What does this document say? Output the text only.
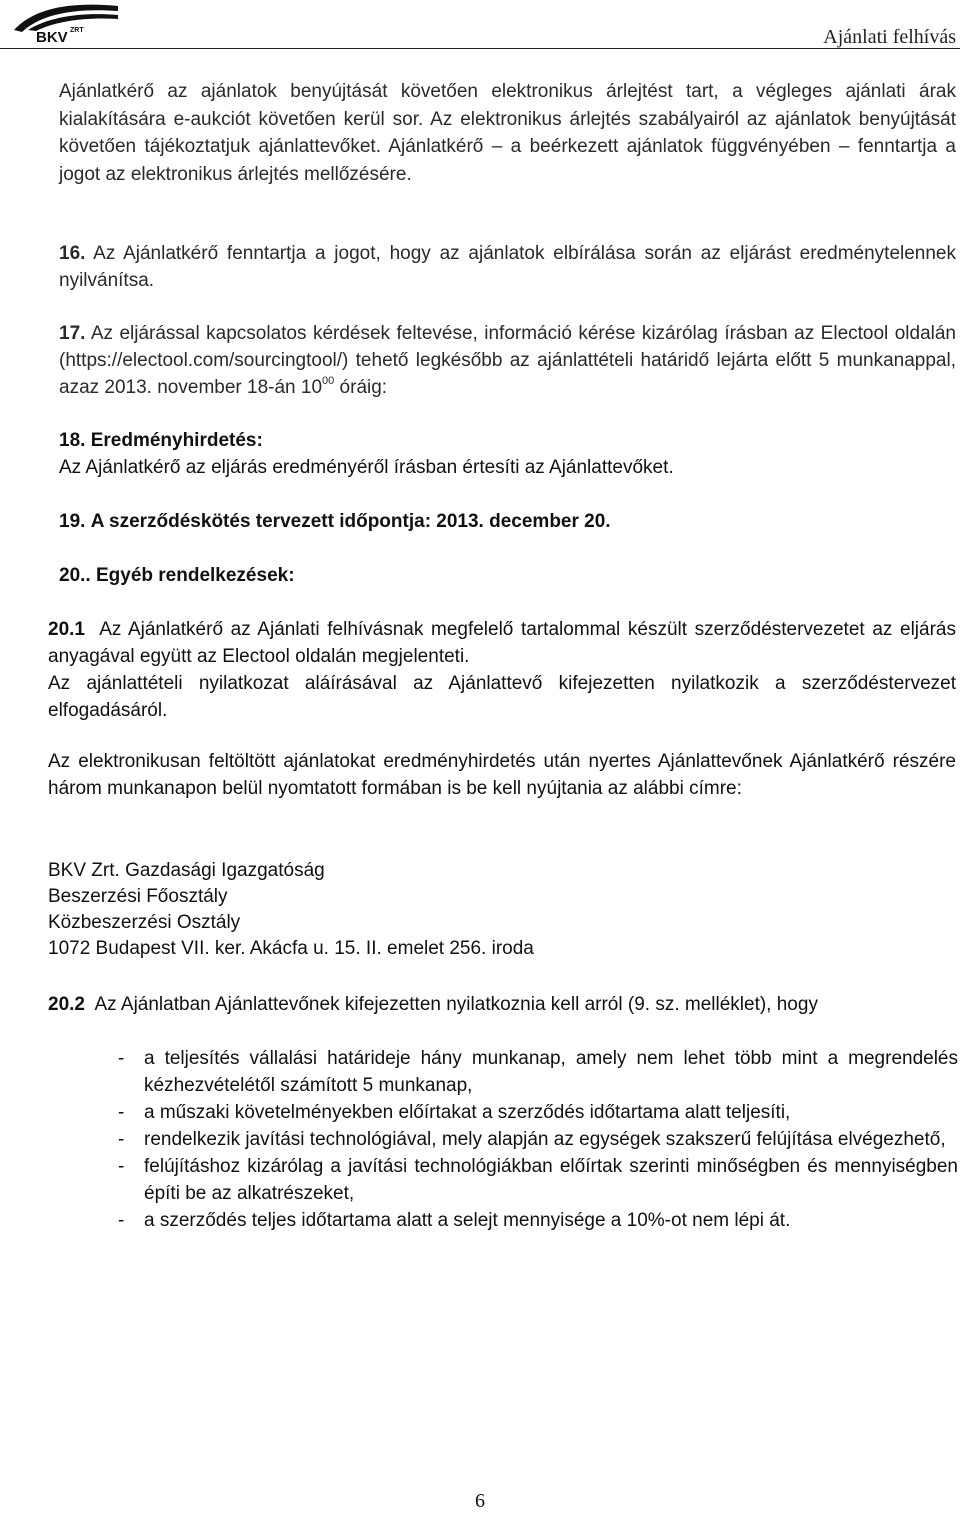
BKV ZRT	Ajánlati felhívás

Ajánlatkérő az ajánlatok benyújtását követően elektronikus árlejtést tart, a végleges ajánlati árak kialakítására e-aukciót követően kerül sor. Az elektronikus árlejtés szabályairól az ajánlatok benyújtását követően tájékoztatjuk ajánlattevőket. Ajánlatkérő – a beérkezett ajánlatok függvényében – fenntartja a jogot az elektronikus árlejtés mellőzésére.

16. Az Ajánlatkérő fenntartja a jogot, hogy az ajánlatok elbírálása során az eljárást eredménytelennek nyilvánítsa.

17. Az eljárással kapcsolatos kérdések feltevése, információ kérése kizárólag írásban az Electool oldalán (https://electool.com/sourcingtool/) tehető legkésőbb az ajánlattételi határidő lejárta előtt 5 munkanappal, azaz 2013. november 18-án $10^{00}$ óráig:

18. Eredményhirdetés:
Az Ajánlatkérő az eljárás eredményéről írásban értesíti az Ajánlattevőket.

19. A szerződéskötés tervezett időpontja: 2013. december 20.

20.. Egyéb rendelkezések:

20.1 Az Ajánlatkérő az Ajánlati felhívásnak megfelelő tartalommal készült szerződéstervezetet az eljárás anyagával együtt az Electool oldalán megjelenteti.
Az ajánlattételi nyilatkozat aláírásával az Ajánlattevő kifejezetten nyilatkozik a szerződéstervezet elfogadásáról.

Az elektronikusan feltöltött ajánlatokat eredményhirdetés után nyertes Ajánlattevőnek Ajánlatkérő részére három munkanapon belül nyomtatott formában is be kell nyújtania az alábbi címre:

BKV Zrt. Gazdasági Igazgatóság
Beszerzési Főosztály
Közbeszerzési Osztály
1072 Budapest VII. ker. Akácfa u. 15. II. emelet 256. iroda

20.2 Az Ajánlatban Ajánlattevőnek kifejezetten nyilatkoznia kell arról (9. sz. melléklet), hogy

- a teljesítés vállalási határideje hány munkanap, amely nem lehet több mint a megrendelés kézhezvételétől számított 5 munkanap,
- a műszaki követelményekben előírtakat a szerződés időtartama alatt teljesíti,
- rendelkezik javítási technológiával, mely alapján az egységek szakszerű felújítása elvégezhető,
- felújításhoz kizárólag a javítási technológiákban előírtak szerinti minőségben és mennyiségben építi be az alkatrészeket,
- a szerződés teljes időtartama alatt a selejt mennyisége a 10%-ot nem lépi át.
6
